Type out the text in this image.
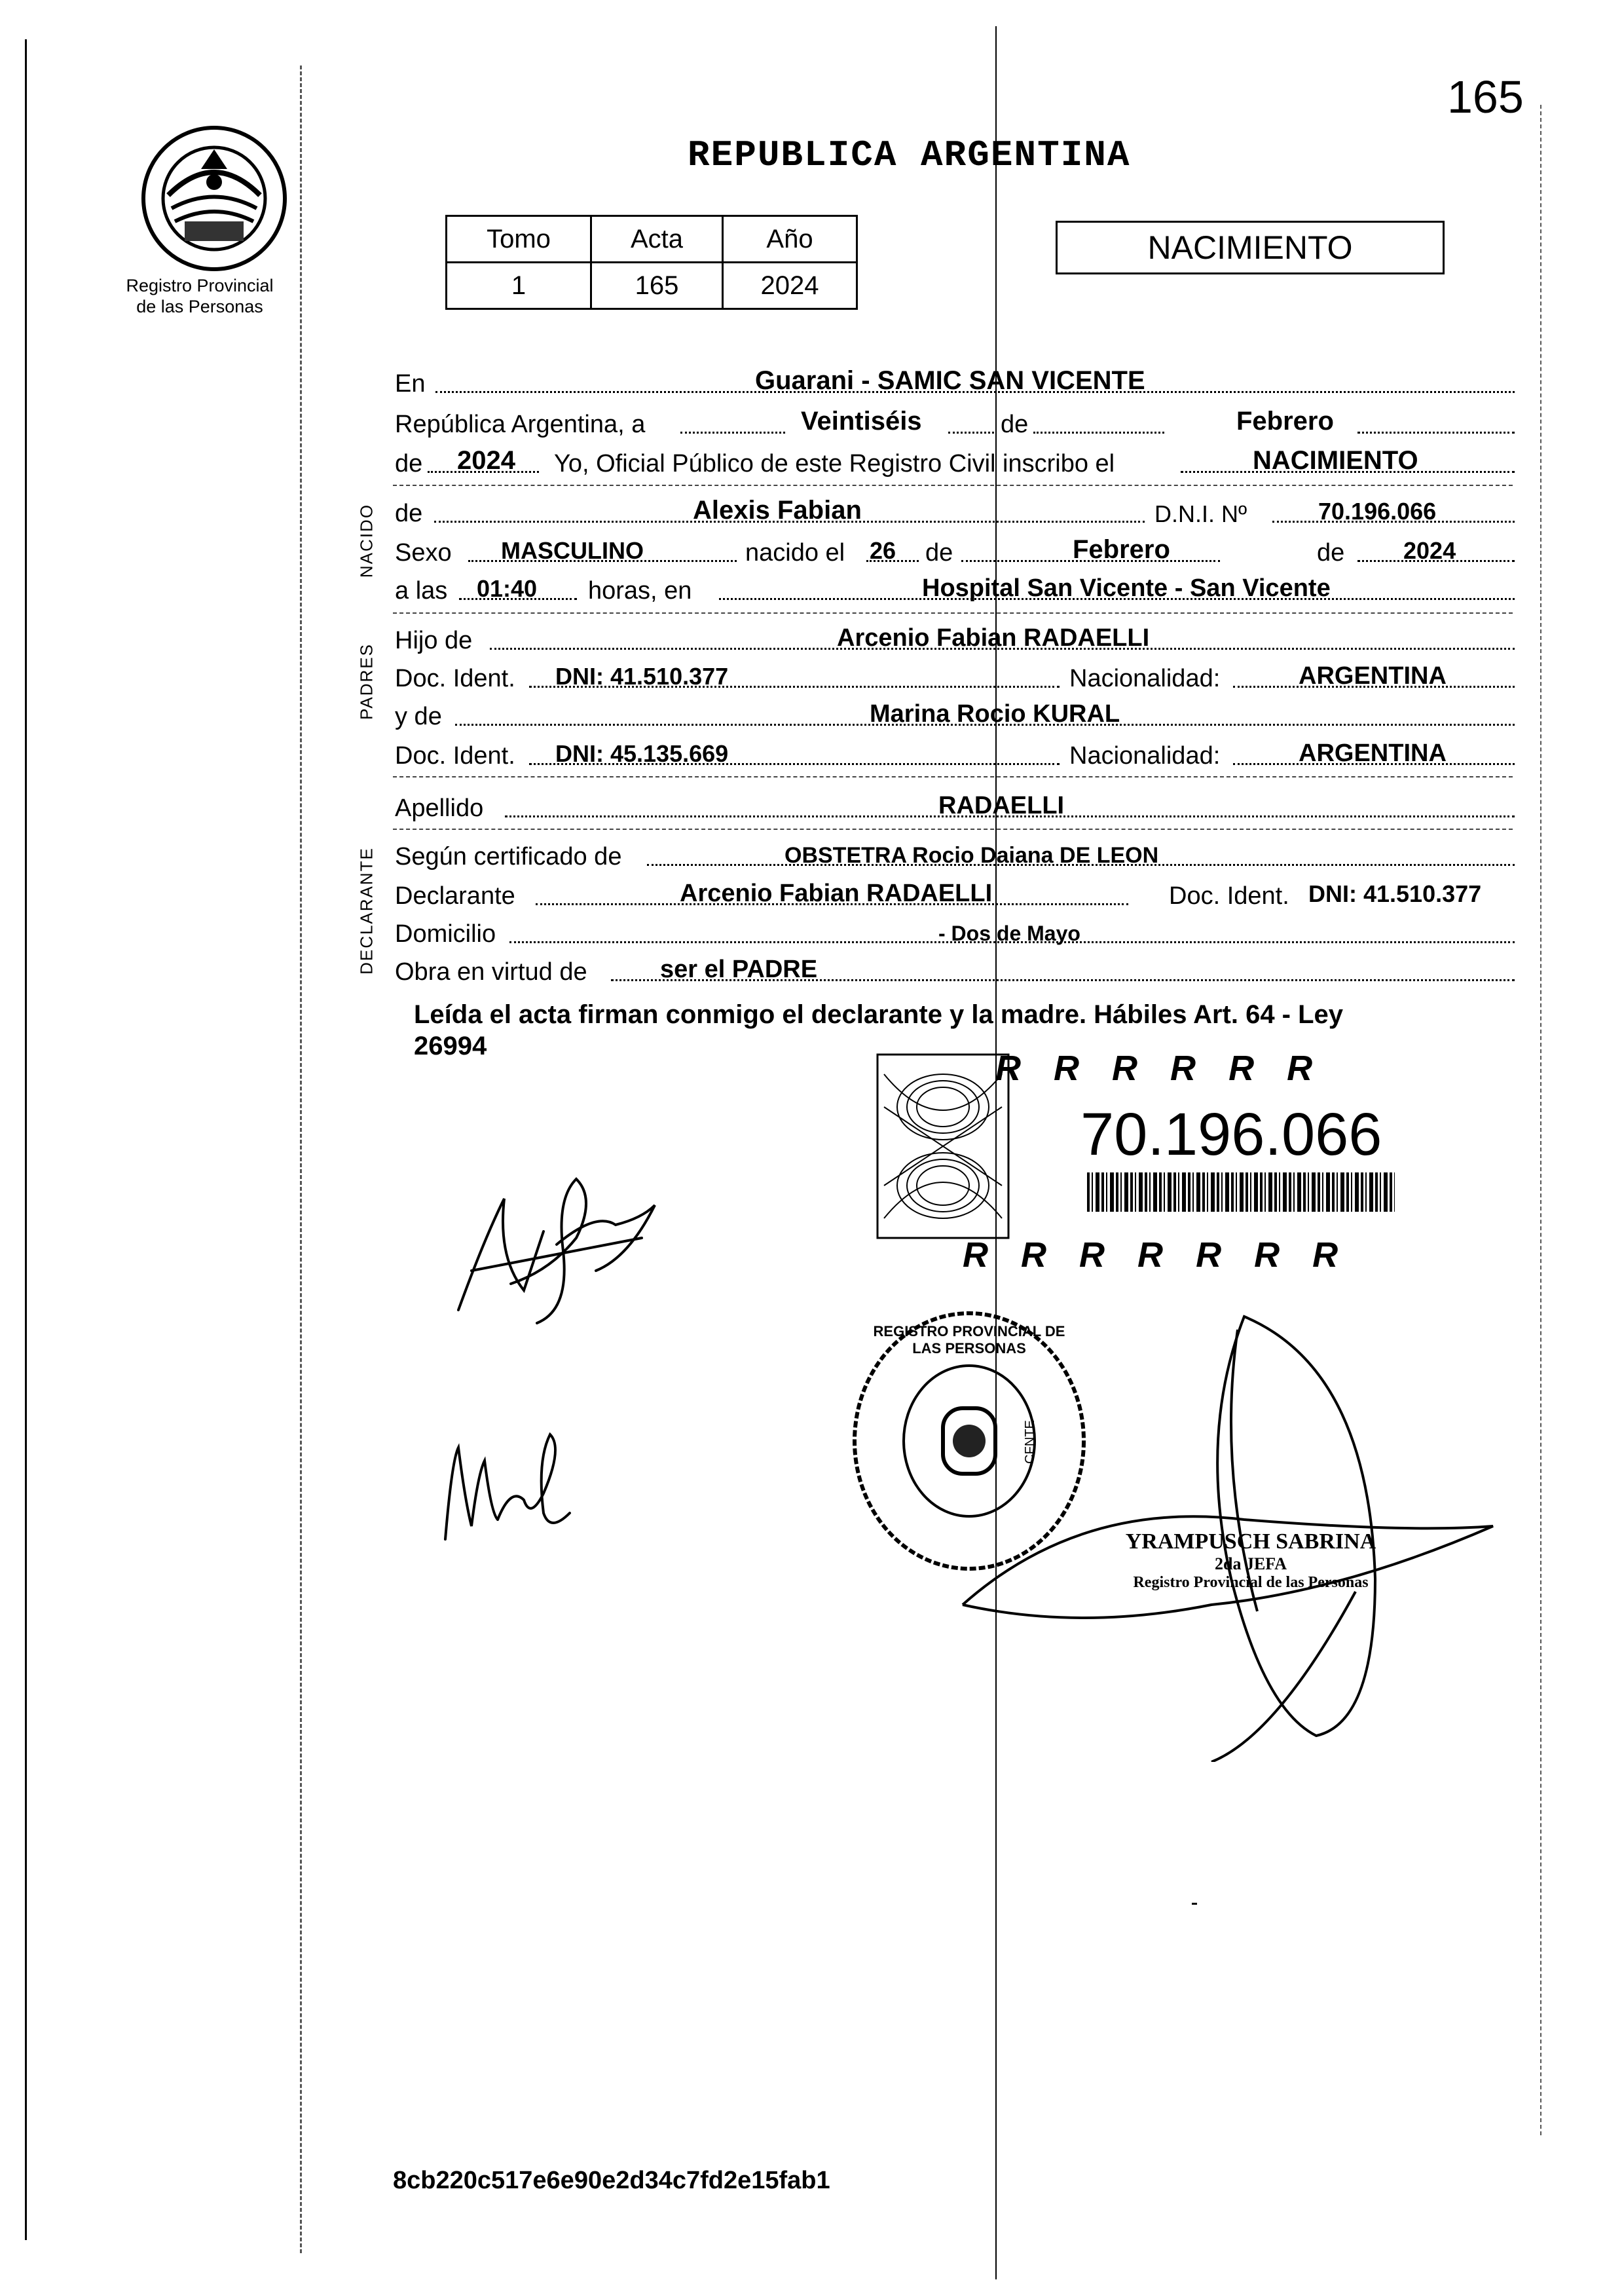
165
Registro Provincial
de las Personas
REPUBLICA ARGENTINA
Tomo	Acta	Año
1	165	2024
NACIMIENTO
NACIDO
PADRES
DECLARANTE
En	Guarani - SAMIC SAN VICENTE
República Argentina, a	Veintiséis	de	Febrero
de 2024 Yo, Oficial Público de este Registro Civil inscribo el	NACIMIENTO
de	Alexis Fabian	D.N.I. Nº	70.196.066
Sexo MASCULINO	nacido el 26 de	Febrero	de 2024
a las 01:40 horas, en	Hospital San Vicente - San Vicente
Hijo de	Arcenio Fabian RADAELLI
Doc. Ident. DNI: 41.510.377	Nacionalidad:	ARGENTINA
y de	Marina Rocio KURAL
Doc. Ident. DNI: 45.135.669	Nacionalidad:	ARGENTINA
Apellido	RADAELLI
Según certificado de	OBSTETRA Rocio Daiana DE LEON
Declarante	Arcenio Fabian RADAELLI	Doc. Ident. DNI: 41.510.377
Domicilio	- Dos de Mayo
Obra en virtud de	ser el PADRE
Leída el acta firman conmigo el declarante y la madre. Hábiles Art. 64 - Ley
26994
R R R R R R
70.196.066
R R R R R R R
REGISTRO PROVINCIAL DE LAS PERSONAS
CFNTE
YRAMPUSCH SABRINA
2da JEFA
Registro Provincial de las Personas
8cb220c517e6e90e2d34c7fd2e15fab1
